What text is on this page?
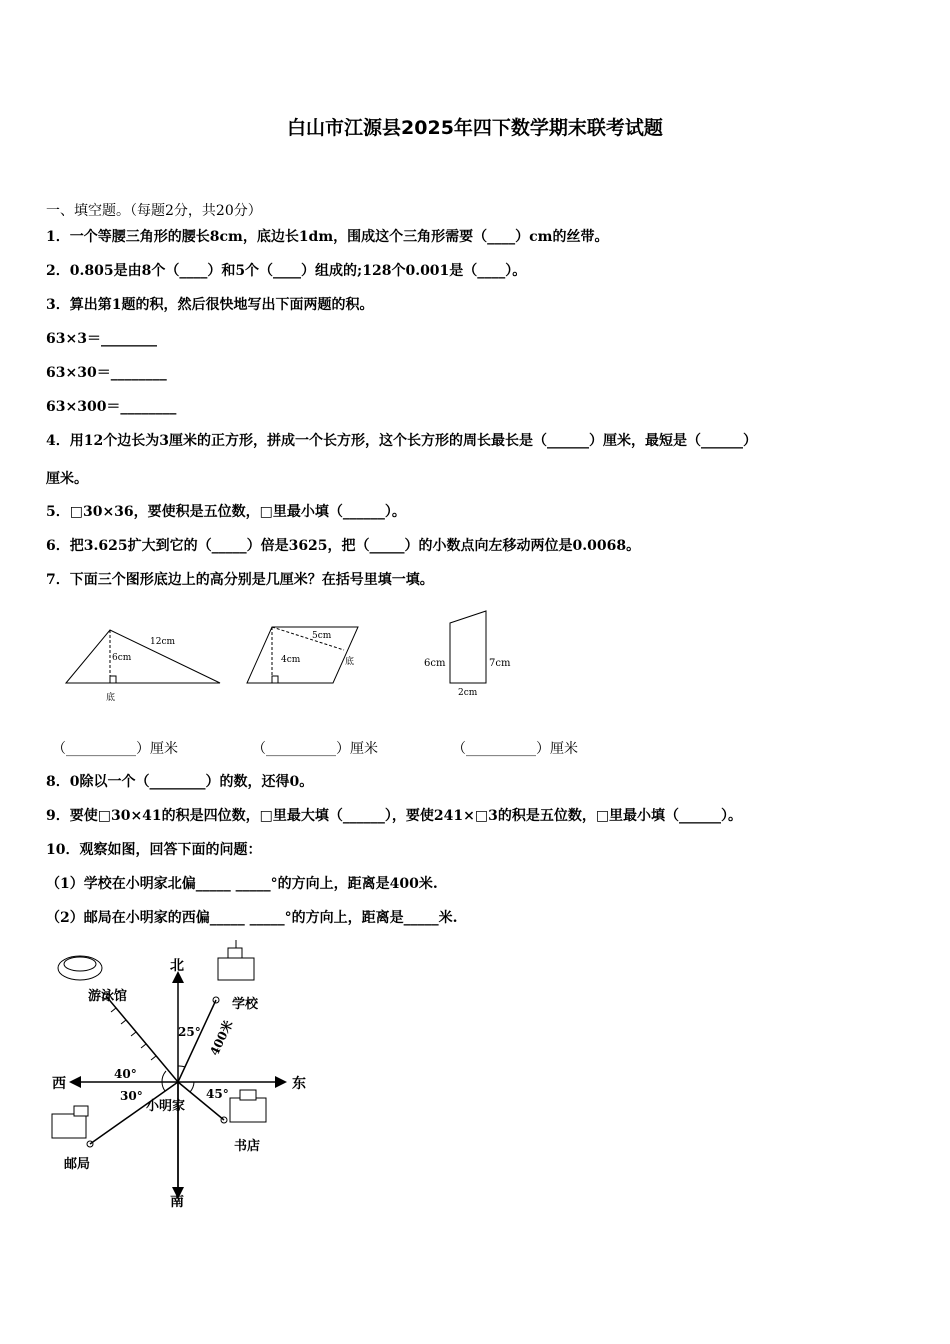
白山市江源县2025年四下数学期末联考试题
一、填空题。（每题2分，共20分）
1．一个等腰三角形的腰长8cm，底边长1dm，围成这个三角形需要（____）cm的丝带。
2．0.805是由8个（____）和5个（____）组成的;128个0.001是（____）。
3．算出第1题的积，然后很快地写出下面两题的积。
63×3＝________
63×30＝________
63×300＝________
4．用12个边长为3厘米的正方形，拼成一个长方形，这个长方形的周长最长是（______）厘米，最短是（______）
厘米。
5．□30×36，要使积是五位数，□里最小填（______）。
6．把3.625扩大到它的（_____）倍是3625，把（_____）的小数点向左移动两位是0.0068。
7．下面三个图形底边上的高分别是几厘米？在括号里填一填。
12cm
6cm
底
5cm
4cm	底	6cm	7cm
2cm
（__________）厘米	（__________）厘米	（__________）厘米
8．0除以一个（________）的数，还得0。
9．要使□30×41的积是四位数，□里最大填（______），要使241×□3的积是五位数，□里最小填（______）。
10．观察如图，回答下面的问题：
（1）学校在小明家北偏_____ _____°的方向上，距离是400米.
（2）邮局在小明家的西偏_____ _____°的方向上，距离是_____米.
北
南
西	东
游泳馆
学校
小明家
邮局
书店
25°
40°
30°	45°
400米
